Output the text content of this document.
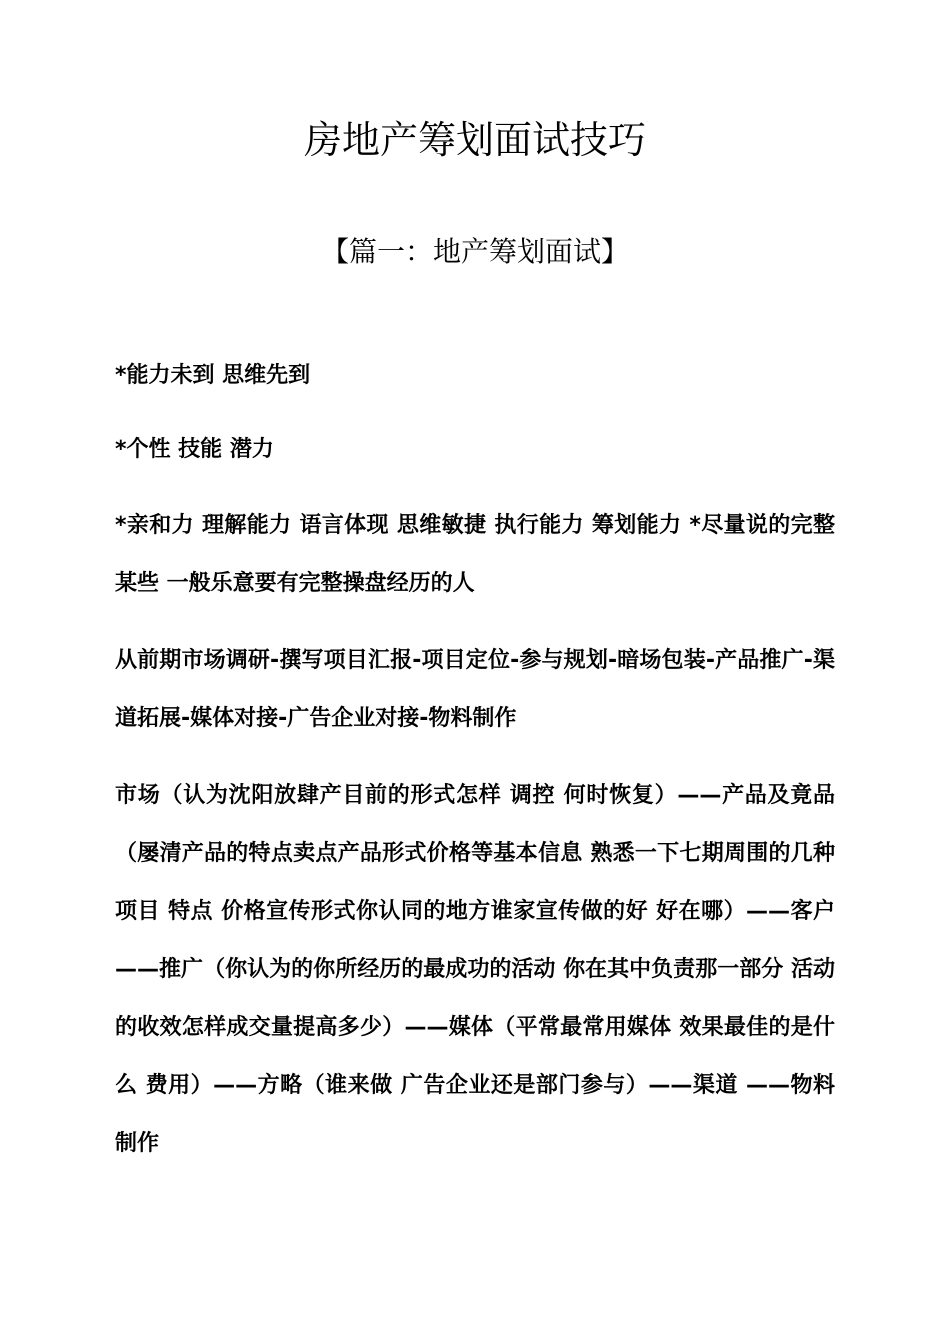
房地产筹划面试技巧
【篇一：地产筹划面试】

*能力未到 思维先到

*个性 技能 潜力

*亲和力 理解能力 语言体现 思维敏捷 执行能力 筹划能力 *尽量说的完整某些 一般乐意要有完整操盘经历的人

从前期市场调研-撰写项目汇报-项目定位-参与规划-暗场包装-产品推广-渠道拓展-媒体对接-广告企业对接-物料制作

市场（认为沈阳放肆产目前的形式怎样 调控 何时恢复）——产品及竟品（屡清产品的特点卖点产品形式价格等基本信息 熟悉一下七期周围的几种项目 特点 价格宣传形式你认同的地方谁家宣传做的好 好在哪）——客户——推广（你认为的你所经历的最成功的活动 你在其中负责那一部分 活动的收效怎样成交量提高多少）——媒体（平常最常用媒体 效果最佳的是什么 费用）——方略（谁来做 广告企业还是部门参与）——渠道 ——物料制作
